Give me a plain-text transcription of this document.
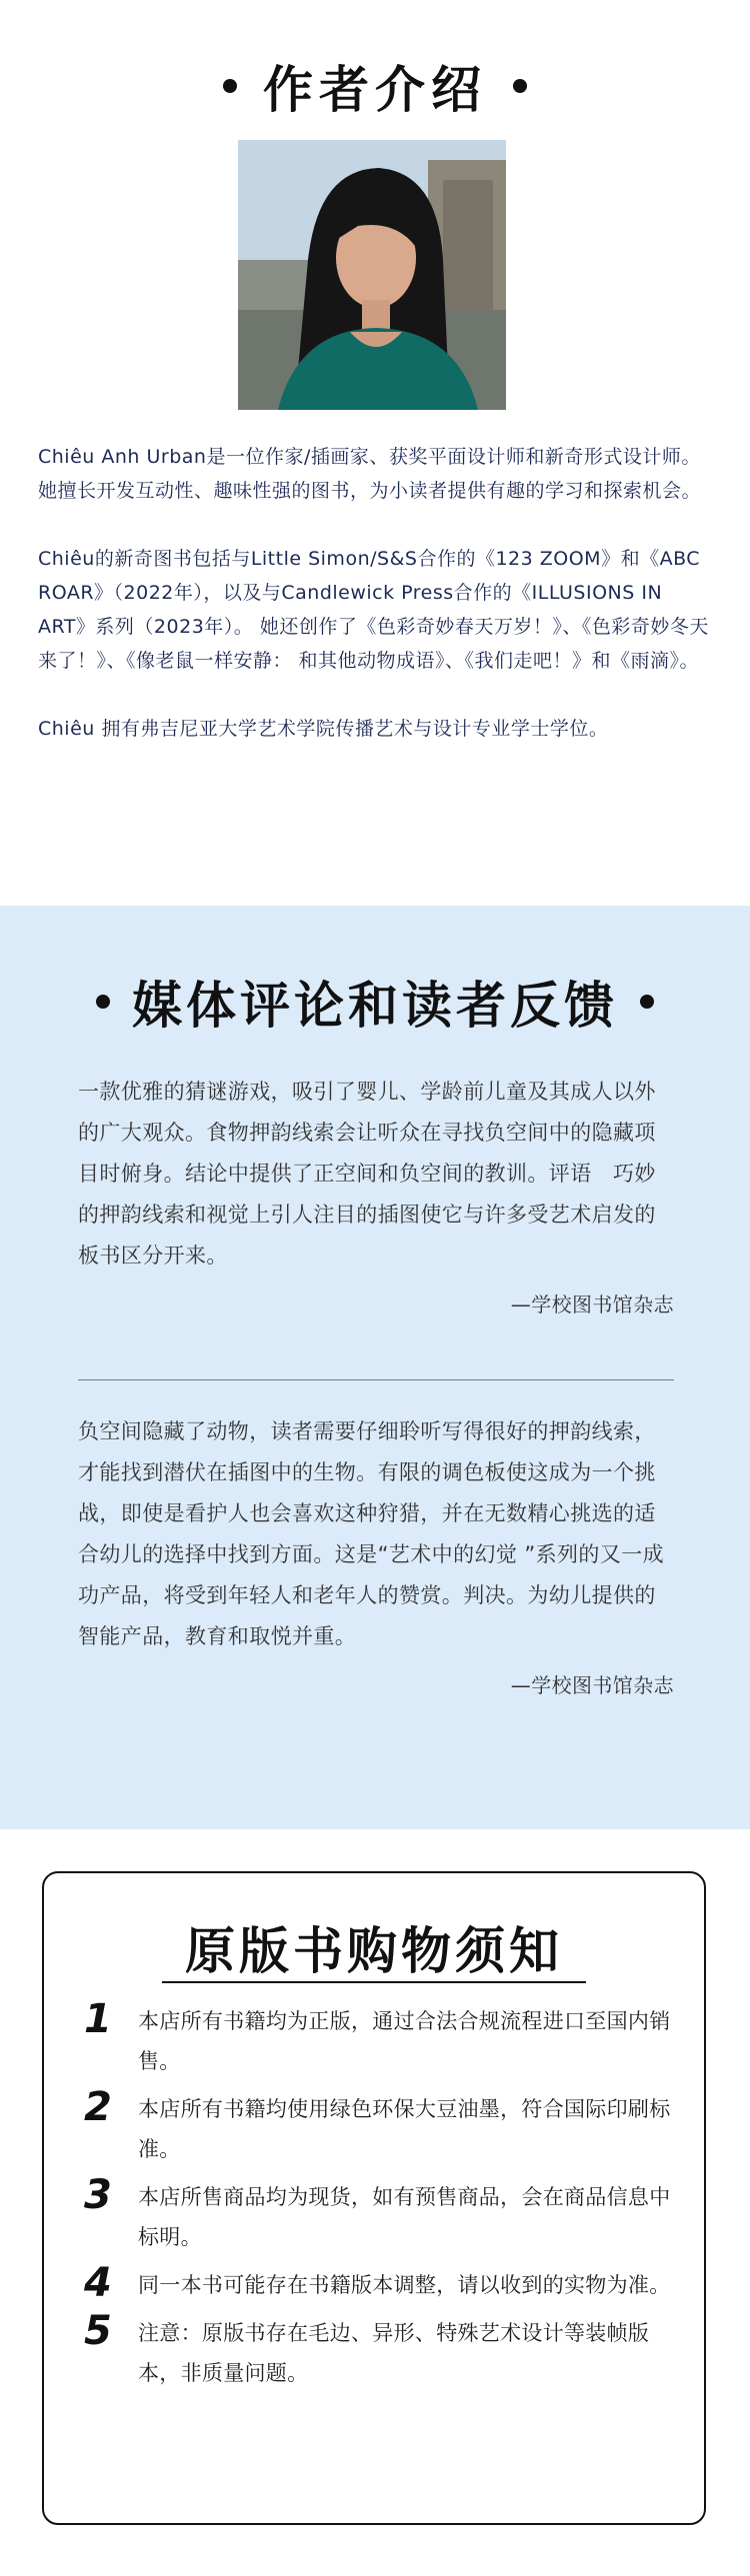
作者介绍

Chiêu Anh Urban是一位作家/插画家、获奖平面设计师和新奇形式设计师。 她擅长开发互动性、趣味性强的图书，为小读者提供有趣的学习和探索机会。

Chiêu的新奇图书包括与Little Simon/S&S合作的《123 ZOOM》和《ABC ROAR》（2022年），以及与Candlewick Press合作的《ILLUSIONS IN ART》系列（2023年）。 她还创作了《色彩奇妙春天万岁！》、《色彩奇妙冬天来了！》、《像老鼠一样安静： 和其他动物成语》、《我们走吧！》和《雨滴》。

Chiêu 拥有弗吉尼亚大学艺术学院传播艺术与设计专业学士学位。

媒体评论和读者反馈
一款优雅的猜谜游戏，吸引了婴儿、学龄前儿童及其成人以外的广大观众。食物押韵线索会让听众在寻找负空间中的隐藏项目时俯身。结论中提供了正空间和负空间的教训。评语　巧妙的押韵线索和视觉上引人注目的插图使它与许多受艺术启发的板书区分开来。
—学校图书馆杂志
负空间隐藏了动物，读者需要仔细聆听写得很好的押韵线索，才能找到潜伏在插图中的生物。有限的调色板使这成为一个挑战，即使是看护人也会喜欢这种狩猎，并在无数精心挑选的适合幼儿的选择中找到方面。这是“艺术中的幻觉 ”系列的又一成功产品，将受到年轻人和老年人的赞赏。判决。为幼儿提供的智能产品，教育和取悦并重。
—学校图书馆杂志
原版书购物须知
1 本店所有书籍均为正版，通过合法合规流程进口至国内销售。
2 本店所有书籍均使用绿色环保大豆油墨，符合国际印刷标准。
3 本店所售商品均为现货，如有预售商品，会在商品信息中标明。
4 同一本书可能存在书籍版本调整，请以收到的实物为准。
5 注意：原版书存在毛边、异形、特殊艺术设计等装帧版本，非质量问题。
